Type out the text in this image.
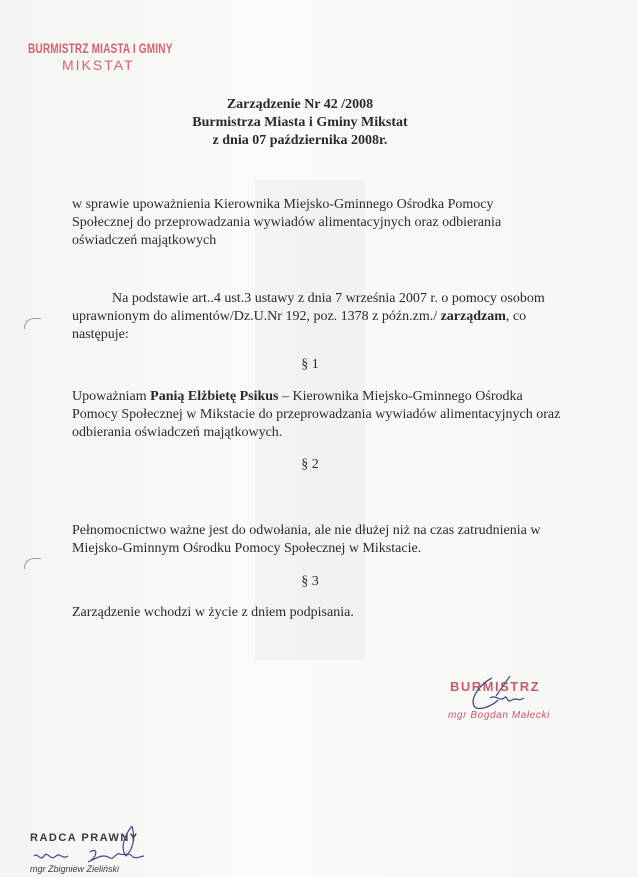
BURMISTRZ MIASTA I GMINY
MIKSTAT
Zarządzenie Nr 42 /2008
Burmistrza Miasta i Gminy Mikstat
z dnia 07 października 2008r.
w sprawie upoważnienia Kierownika Miejsko-Gminnego Ośrodka Pomocy Społecznej do przeprowadzania wywiadów alimentacyjnych oraz odbierania oświadczeń majątkowych
Na podstawie art..4 ust.3 ustawy z dnia 7 września 2007 r. o pomocy osobom uprawnionym do alimentów/Dz.U.Nr 192, poz. 1378 z późn.zm./ zarządzam, co następuje:
§ 1
Upoważniam Panią Elżbietę Psikus – Kierownika Miejsko-Gminnego Ośrodka Pomocy Społecznej w Mikstacie do przeprowadzania wywiadów alimentacyjnych oraz odbierania oświadczeń majątkowych.
§ 2
Pełnomocnictwo ważne jest do odwołania, ale nie dłużej niż na czas zatrudnienia w Miejsko-Gminnym Ośrodku Pomocy Społecznej w Mikstacie.
§ 3
Zarządzenie wchodzi w życie z dniem podpisania.
BURMISTRZ
mgr Bogdan Małecki
RADCA PRAWNY
mgr Zbigniew Zieliński
